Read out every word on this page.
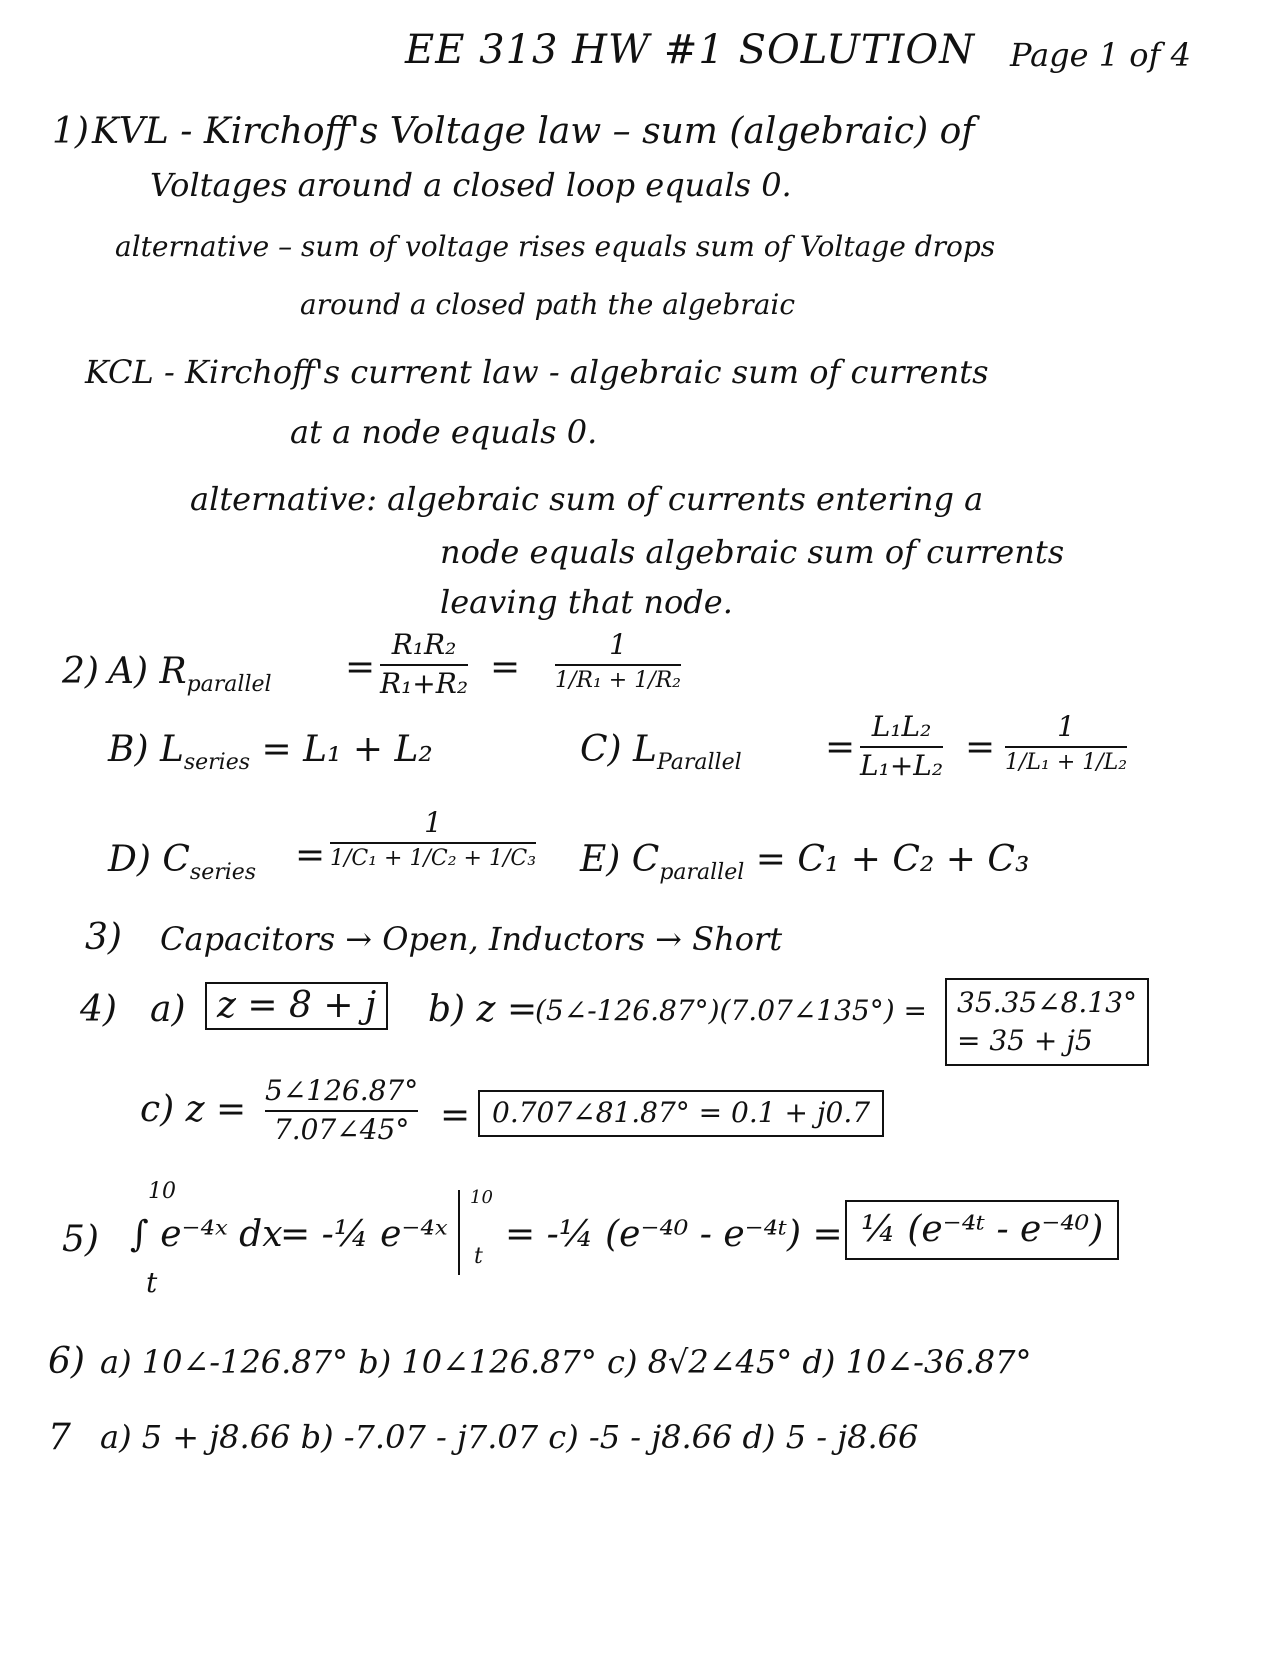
EE 313 HW #1 SOLUTION Page 1 of 4
1) KVL - Kirchoff's Voltage law – sum (algebraic) of
Voltages around a closed loop equals 0.
alternative – sum of voltage rises equals sum of Voltage drops
around a closed path the algebraic
KCL - Kirchoff's current law - algebraic sum of currents
at a node equals 0.
alternative: algebraic sum of currents entering a
node equals algebraic sum of currents
leaving that node.
2) A) $R_{parallel}$ =
R₁R₂
R₁+R₂ =
1
1/R₁ + 1/R₂
B) $L_{series} = L_1 + L_2$	C) $L_{Parallel}$ =
L₁L₂
L₁+L₂ =
1
1/L₁ + 1/L₂
D) $C_{series}$ =
1
1/C₁ + 1/C₂ + 1/C₃ E) $C_{parallel} = C_1 + C_2 + C_3$
3) Capacitors → Open, Inductors → Short
4) a) z = 8 + j	b) z =
(5∠-126.87°)(7.07∠135°) = 35.35∠8.13°
= 35 + j5
c) z = 5∠126.87°
7.07∠45° = 0.707∠81.87° = 0.1 + j0.7
5)
10
t
∫ e⁻⁴ˣ dx
= -¼ e⁻⁴ˣ
10
t
= -¼ (e⁻⁴⁰ - e⁻⁴ᵗ) = ¼ (e⁻⁴ᵗ - e⁻⁴⁰)
6) a) 10∠-126.87° b) 10∠126.87° c) 8√2∠45° d) 10∠-36.87°
7 a) 5 + j8.66 b) -7.07 - j7.07 c) -5 - j8.66 d) 5 - j8.66
